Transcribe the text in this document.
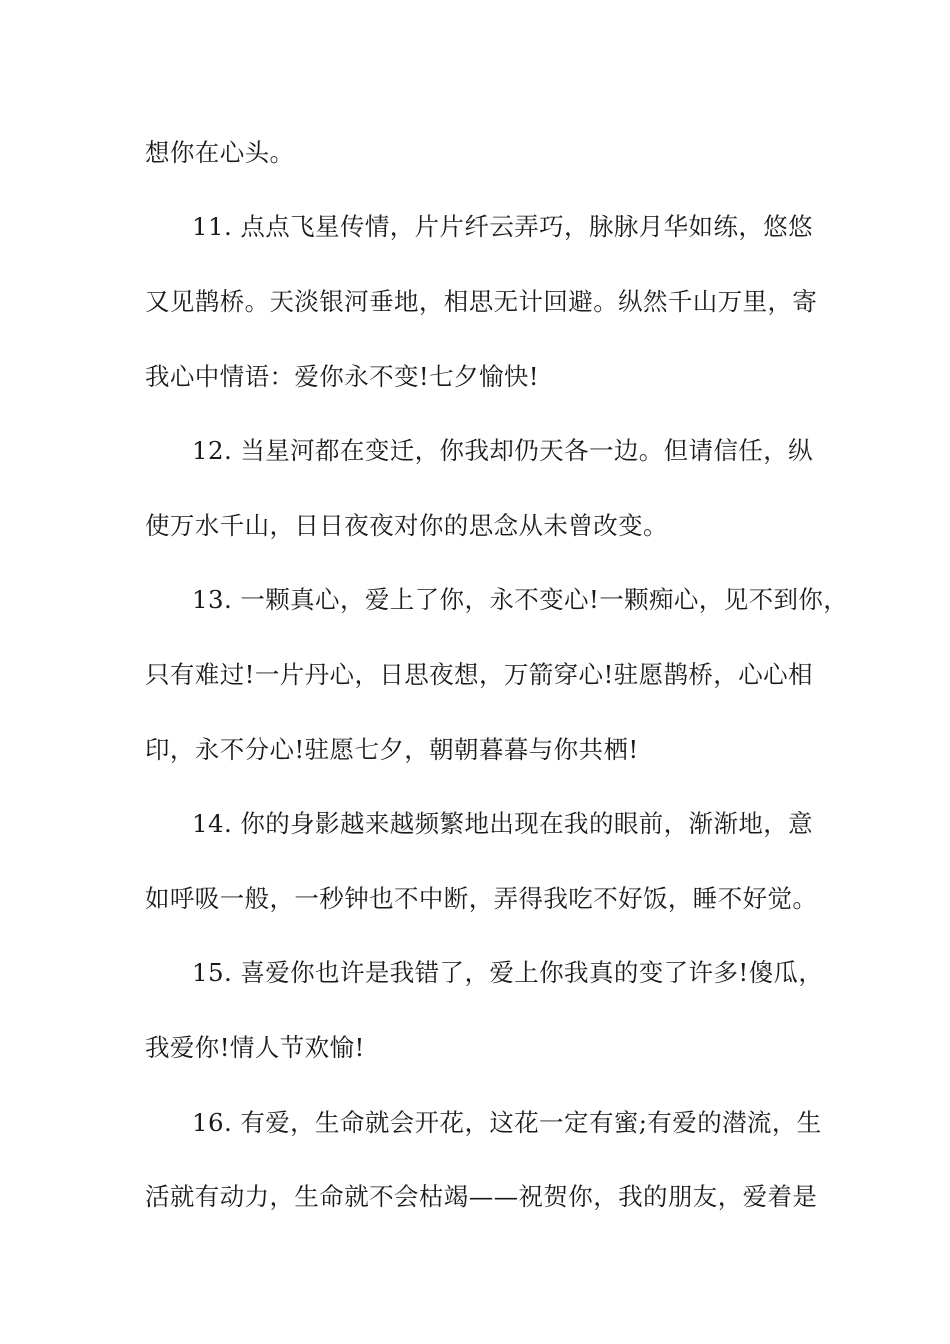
想你在心头。
11. 点点飞星传情，片片纤云弄巧，脉脉月华如练，悠悠
又见鹊桥。天淡银河垂地，相思无计回避。纵然千山万里，寄
我心中情语：爱你永不变!七夕愉快!
12. 当星河都在变迁，你我却仍天各一边。但请信任，纵
使万水千山，日日夜夜对你的思念从未曾改变。
13. 一颗真心，爱上了你，永不变心!一颗痴心，见不到你，
只有难过!一片丹心，日思夜想，万箭穿心!驻愿鹊桥，心心相
印，永不分心!驻愿七夕，朝朝暮暮与你共栖!
14. 你的身影越来越频繁地出现在我的眼前，渐渐地，意
如呼吸一般，一秒钟也不中断，弄得我吃不好饭，睡不好觉。
15. 喜爱你也许是我错了，爱上你我真的变了许多!傻瓜，
我爱你!情人节欢愉!
16. 有爱，生命就会开花，这花一定有蜜;有爱的潜流，生
活就有动力，生命就不会枯竭——祝贺你，我的朋友，爱着是
